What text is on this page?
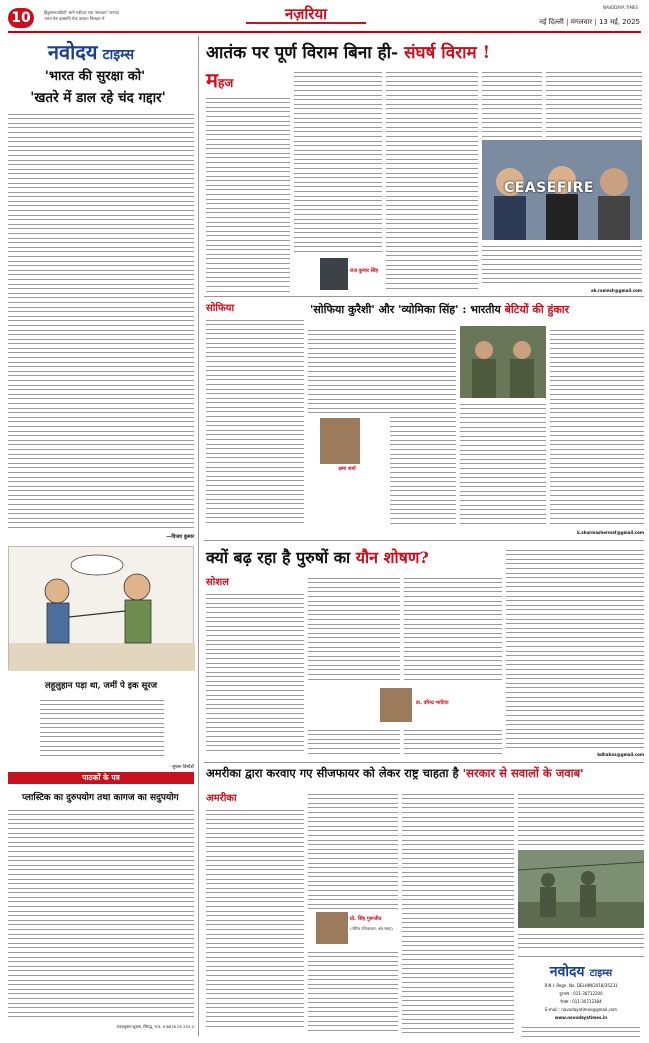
10	हिंदुस्तानवादियों' सामें गवीटाट एक 'समाचार' जनपद
भारत मेरा इक्साधि येवा कावाय मिलहार में	नज़रिया	NAVODAYA TIMES
नई दिल्ली | मंगलवार | 13 मई, 2025
नवोदय टाइम्स
'भारत की सुरक्षा को'
'खतरे में डाल रहे चंद गद्दार'
—विजय कुमार
लहूलुहान पड़ा था, जमीं पे इक सूरज
- सुषमा डिमोडी
पाठकों के पत्र
प्लास्टिक का दुरुपयोग तथा कागज का सदुपयोग
-रजतशुक्‍ला शुक्ला, सिंगद्ध, म.प्र. 9 8876 05 233 2
आतंक पर पूर्ण विराम बिना ही- संघर्ष विराम !
महज
राज कुमार सिंह
CEASEFIRE
ak.ramesh@gmail.com
सोफिया	'सोफिया कुरैशी' और 'व्योमिका सिंह' : भारतीय बेटियों की हुंकार
क्षमा शर्मा
k.sharmashermat@gmail.com
क्यों बढ़ रहा है पुरुषों का यौन शोषण?
सोशल
डा. वरिन्द्र भाटिया
bdhahaa@gmail.com
अमरीका द्वारा करवाए गए सीजफायर को लेकर राष्ट्र चाहता है 'सरकार से सवालों के जवाब'
अमरीका
प्रो. सिंह गुरूजीत
(नोटिस पत्रिकाकार, क्षेत्र संसद)
नवोदय टाइम्स
R.N.I. Regn. No. DELHIN/2018/35231
दूरभाष : 011-30712200
फैक्स : 011-30712384
E-mail : navodayatimes@gmail.com
www.navodayatimes.in
